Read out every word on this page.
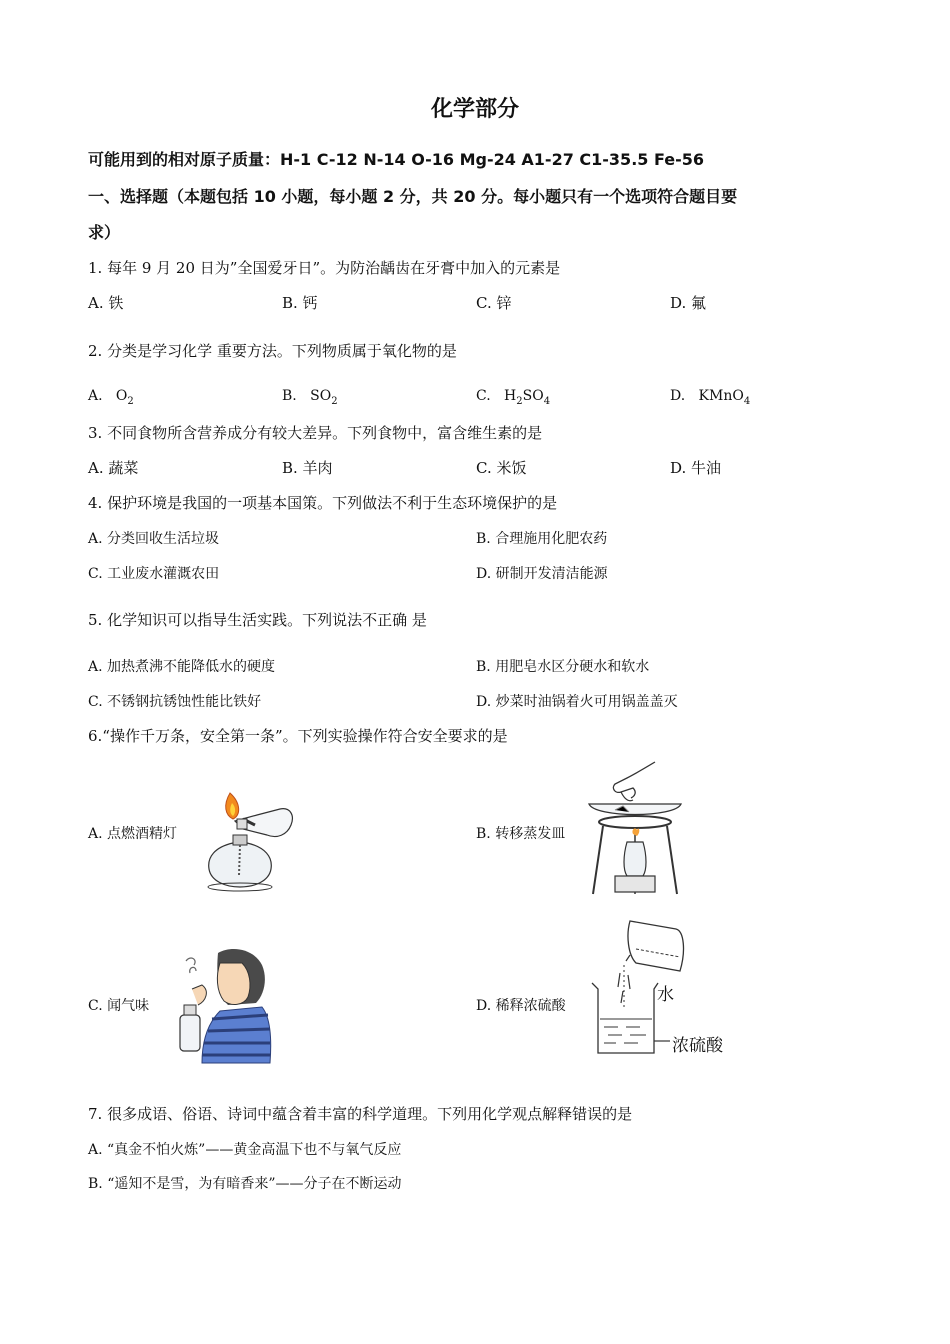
化学部分
可能用到的相对原子质量：H-1 C-12 N-14 O-16 Mg-24 A1-27 C1-35.5 Fe-56
一、选择题（本题包括 10 小题，每小题 2 分，共 20 分。每小题只有一个选项符合题目要
求）
1. 每年 9 月 20 日为”全国爱牙日”。为防治龋齿在牙膏中加入的元素是
A. 铁	B. 钙	C. 锌	D. 氟
2. 分类是学习化学 重要方法。下列物质属于氧化物的是
A. $O_2$	B. $SO_2$	C. $H_2SO_4$	D. KMnO$_4$
3. 不同食物所含营养成分有较大差异。下列食物中，富含维生素的是
A. 蔬菜	B. 羊肉	C. 米饭	D. 牛油
4. 保护环境是我国的一项基本国策。下列做法不利于生态环境保护的是
A. 分类回收生活垃圾	B. 合理施用化肥农药
C. 工业废水灌溉农田	D. 研制开发清洁能源
5. 化学知识可以指导生活实践。下列说法不正确 是
A. 加热煮沸不能降低水的硬度	B. 用肥皂水区分硬水和软水
C. 不锈钢抗锈蚀性能比铁好	D. 炒菜时油锅着火可用锅盖盖灭
6.“操作千万条，安全第一条”。下列实验操作符合安全要求的是
A. 点燃酒精灯	B. 转移蒸发皿
C. 闻气味	D. 稀释浓硫酸
水
浓硫酸
7. 很多成语、俗语、诗词中蕴含着丰富的科学道理。下列用化学观点解释错误的是
A. “真金不怕火炼”——黄金高温下也不与氧气反应
B. “遥知不是雪，为有暗香来”——分子在不断运动
